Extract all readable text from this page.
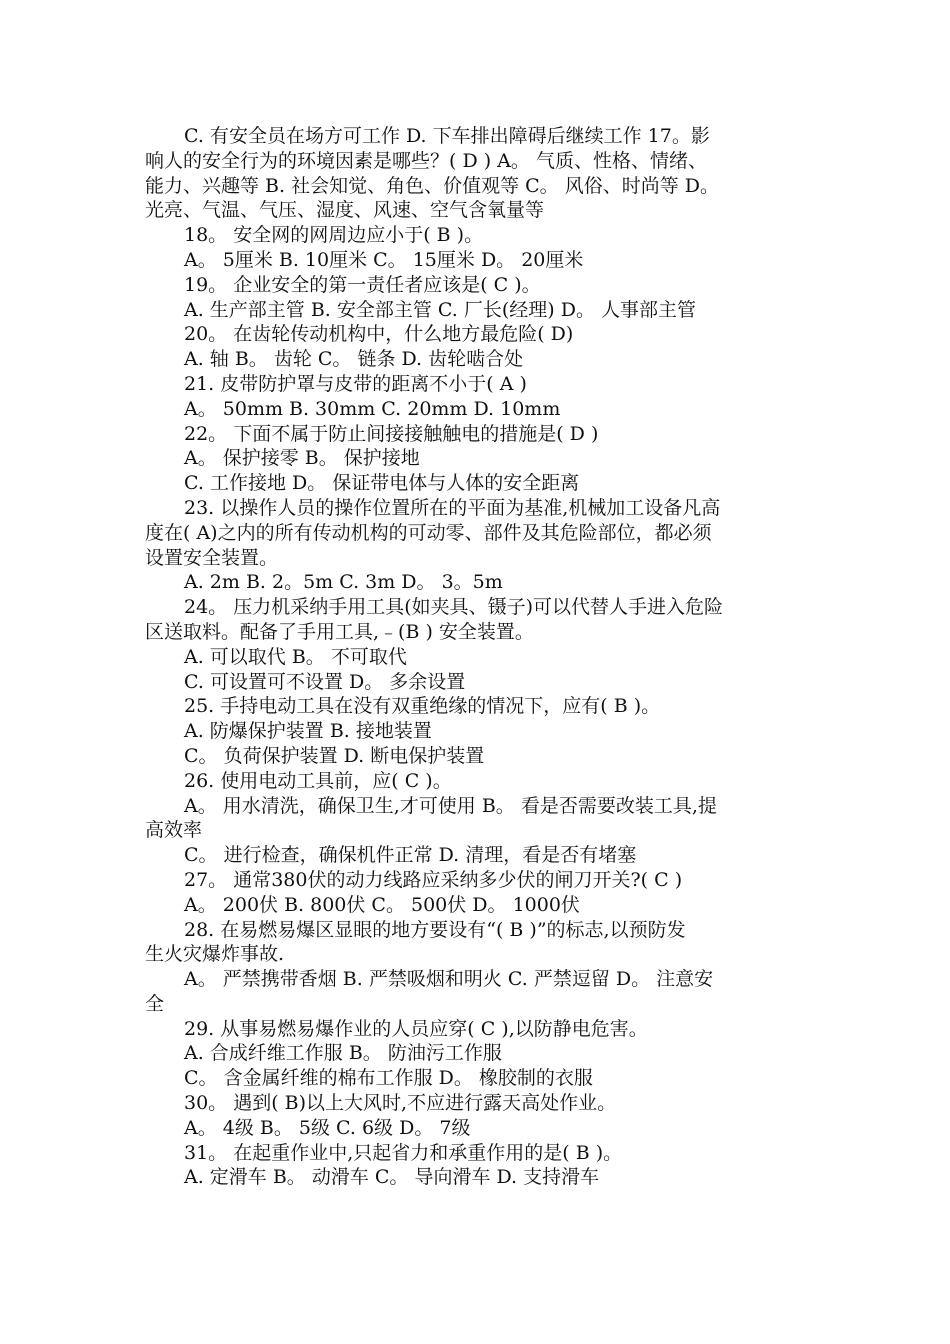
C. 有安全员在场方可工作 D. 下车排出障碍后继续工作 17。影
响人的安全行为的环境因素是哪些？( D ) A。 气质、性格、情绪、
能力、兴趣等 B. 社会知觉、角色、价值观等 C。 风俗、时尚等 D。
光亮、气温、气压、湿度、风速、空气含氧量等
18。 安全网的网周边应小于( B )。
A。 5厘米 B. 10厘米 C。 15厘米 D。 20厘米
19。 企业安全的第一责任者应该是( C )。
A. 生产部主管 B. 安全部主管 C. 厂长(经理) D。 人事部主管
20。 在齿轮传动机构中，什么地方最危险( D)
A. 轴 B。 齿轮 C。 链条 D. 齿轮啮合处
21. 皮带防护罩与皮带的距离不小于( A )
A。 50mm B. 30mm C. 20mm D. 10mm
22。 下面不属于防止间接接触触电的措施是( D )
A。 保护接零 B。 保护接地
C. 工作接地 D。 保证带电体与人体的安全距离
23. 以操作人员的操作位置所在的平面为基准,机械加工设备凡高
度在( A)之内的所有传动机构的可动零、部件及其危险部位，都必须
设置安全装置。
A. 2m B. 2。5m C. 3m D。 3。5m
24。 压力机采纳手用工具(如夹具、镊子)可以代替人手进入危险
区送取料。配备了手用工具,﹣(B ) 安全装置。
A. 可以取代 B。 不可取代
C. 可设置可不设置 D。 多余设置
25. 手持电动工具在没有双重绝缘的情况下，应有( B )。
A. 防爆保护装置 B. 接地装置
C。 负荷保护装置 D. 断电保护装置
26. 使用电动工具前，应( C )。
A。 用水清洗，确保卫生,才可使用 B。 看是否需要改装工具,提
高效率
C。 进行检查，确保机件正常 D. 清理，看是否有堵塞
27。 通常380伏的动力线路应采纳多少伏的闸刀开关?( C )
A。 200伏 B. 800伏 C。 500伏 D。 1000伏
28. 在易燃易爆区显眼的地方要设有“( B )”的标志,以预防发
生火灾爆炸事故.
A。 严禁携带香烟 B. 严禁吸烟和明火 C. 严禁逗留 D。 注意安
全
29. 从事易燃易爆作业的人员应穿( C ),以防静电危害。
A. 合成纤维工作服 B。 防油污工作服
C。 含金属纤维的棉布工作服 D。 橡胶制的衣服
30。 遇到( B)以上大风时,不应进行露天高处作业。
A。 4级 B。 5级 C. 6级 D。 7级
31。 在起重作业中,只起省力和承重作用的是( B )。
A. 定滑车 B。 动滑车 C。 导向滑车 D. 支持滑车
